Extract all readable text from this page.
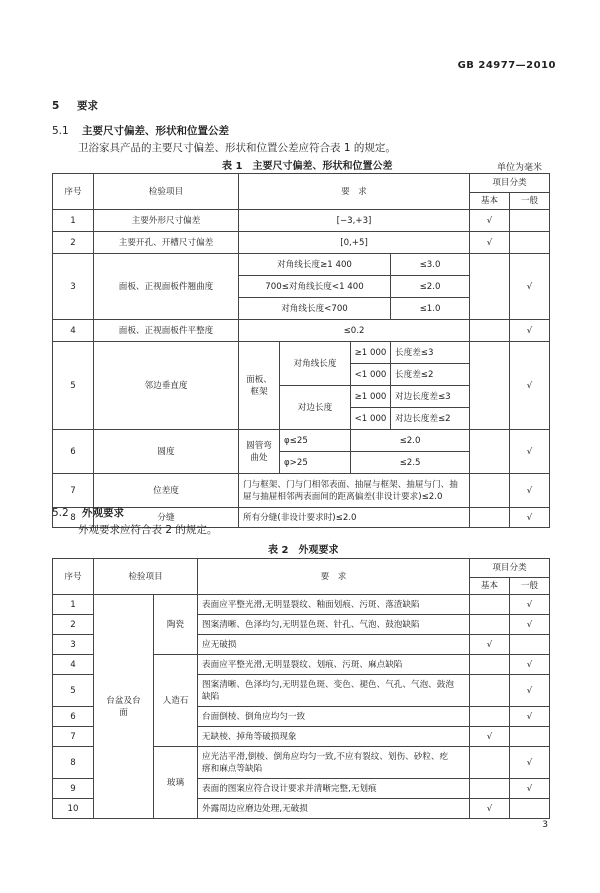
GB 24977—2010
5 要求
5.1 主要尺寸偏差、形状和位置公差
卫浴家具产品的主要尺寸偏差、形状和位置公差应符合表 1 的规定。
表 1　主要尺寸偏差、形状和位置公差	单位为毫米
序号	检验项目	要　求				项目分类	
						基本	一般
1	主要外形尺寸偏差	[−3,+3]				√	
2	主要开孔、开槽尺寸偏差	[0,+5]				√	
3	面板、正视面板件翘曲度	对角线长度≥1 400			≤3.0		√
		700≤对角线长度<1 400			≤2.0		
		对角线长度<700			≤1.0		
4	面板、正视面板件平整度	≤0.2					√
5	邻边垂直度	面板、框架	对角线长度	≥1 000	长度差≤3		√
				<1 000	长度差≤2		
			对边长度	≥1 000	对边长度差≤3		
				<1 000	对边长度差≤2		
6	圆度	圆管弯曲处	φ≤25	≤2.0			√
			φ>25	≤2.5			
7	位差度	门与框架、门与门相邻表面、抽屉与框架、抽屉与门、抽
屉与抽屉相邻两表面间的距离偏差(非设计要求)≤2.0					√
8	分缝	所有分缝(非设计要求时)≤2.0					√
5.2 外观要求
外观要求应符合表 2 的规定。
表 2　外观要求
序号	检验项目		要　求	项目分类	
				基本	一般
1	台盆及台面	陶瓷	表面应平整光滑,无明显裂纹、釉面划痕、污斑、落渣缺陷		√
2			图案清晰、色泽均匀,无明显色斑、针孔、气泡、鼓泡缺陷		√
3			应无破损	√	
4		人造石	表面应平整光滑,无明显裂纹、划痕、污斑、麻点缺陷		√
5			图案清晰、色泽均匀,无明显色斑、变色、褪色、气孔、气泡、鼓泡
缺陷		√
6			台面倒棱、倒角应均匀一致		√
7			无缺棱、掉角等破损现象	√	
8		玻璃	应光洁平滑,倒棱、倒角应均匀一致,不应有裂纹、划伤、砂粒、疙
瘩和麻点等缺陷		√
9			表面的图案应符合设计要求并清晰完整,无划痕		√
10			外露周边应磨边处理,无破损	√	
3
